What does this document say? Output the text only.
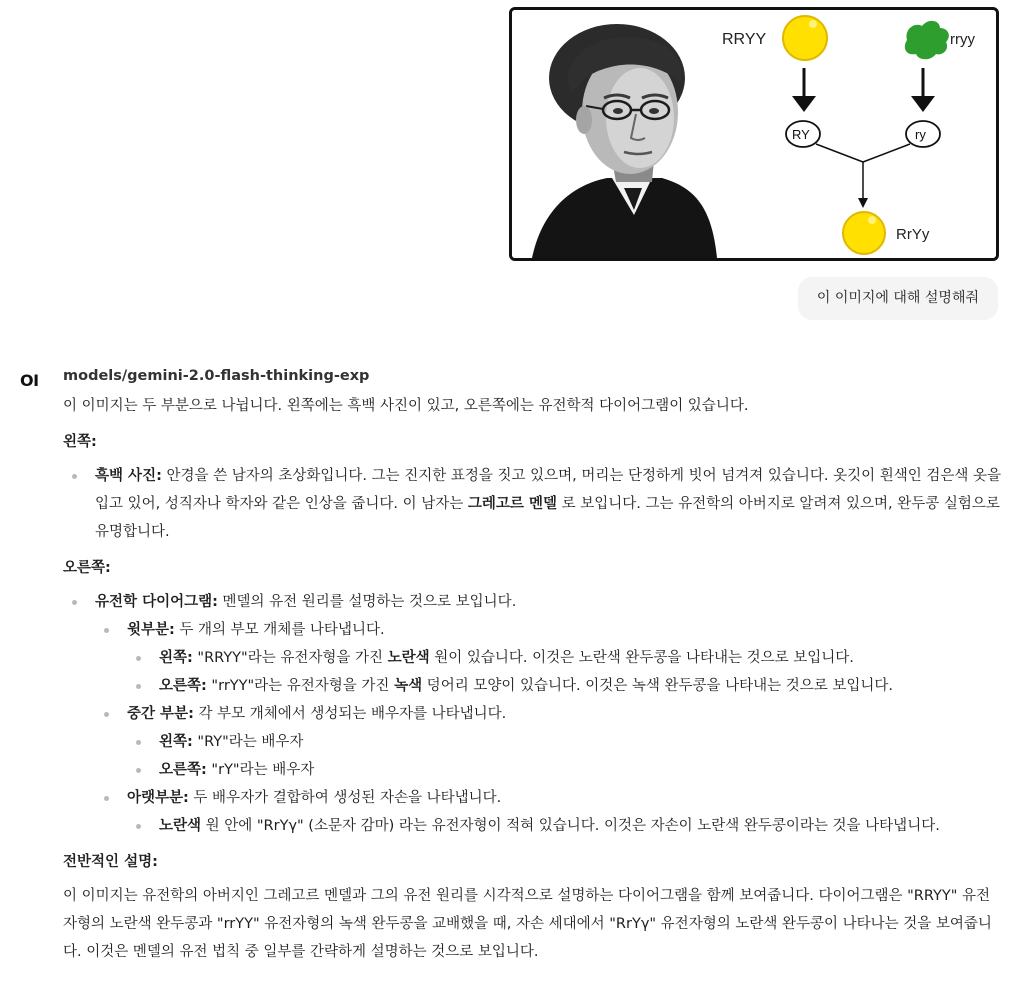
RRYY	rryy
RY	ry
RrYy
이 이미지에 대해 설명해줘
OI models/gemini-2.0-flash-thinking-exp

이 이미지는 두 부분으로 나뉩니다. 왼쪽에는 흑백 사진이 있고, 오른쪽에는 유전학적 다이어그램이 있습니다.

왼쪽:

흑백 사진: 안경을 쓴 남자의 초상화입니다. 그는 진지한 표정을 짓고 있으며, 머리는 단정하게 빗어 넘겨져 있습니다. 옷깃이 흰색인 검은색 옷을 입고 있어, 성직자나 학자와 같은 인상을 줍니다. 이 남자는 그레고르 멘델 로 보입니다. 그는 유전학의 아버지로 알려져 있으며, 완두콩 실험으로 유명합니다.

오른쪽:

유전학 다이어그램: 멘델의 유전 원리를 설명하는 것으로 보입니다.
윗부분: 두 개의 부모 개체를 나타냅니다.
왼쪽: "RRYY"라는 유전자형을 가진 노란색 원이 있습니다. 이것은 노란색 완두콩을 나타내는 것으로 보입니다.
오른쪽: "rrYY"라는 유전자형을 가진 녹색 덩어리 모양이 있습니다. 이것은 녹색 완두콩을 나타내는 것으로 보입니다.
중간 부분: 각 부모 개체에서 생성되는 배우자를 나타냅니다.
왼쪽: "RY"라는 배우자
오른쪽: "rY"라는 배우자
아랫부분: 두 배우자가 결합하여 생성된 자손을 나타냅니다.
노란색 원 안에 "RrYγ" (소문자 감마) 라는 유전자형이 적혀 있습니다. 이것은 자손이 노란색 완두콩이라는 것을 나타냅니다.

전반적인 설명:

이 이미지는 유전학의 아버지인 그레고르 멘델과 그의 유전 원리를 시각적으로 설명하는 다이어그램을 함께 보여줍니다. 다이어그램은 "RRYY" 유전자형의 노란색 완두콩과 "rrYY" 유전자형의 녹색 완두콩을 교배했을 때, 자손 세대에서 "RrYγ" 유전자형의 노란색 완두콩이 나타나는 것을 보여줍니다. 이것은 멘델의 유전 법칙 중 일부를 간략하게 설명하는 것으로 보입니다.
